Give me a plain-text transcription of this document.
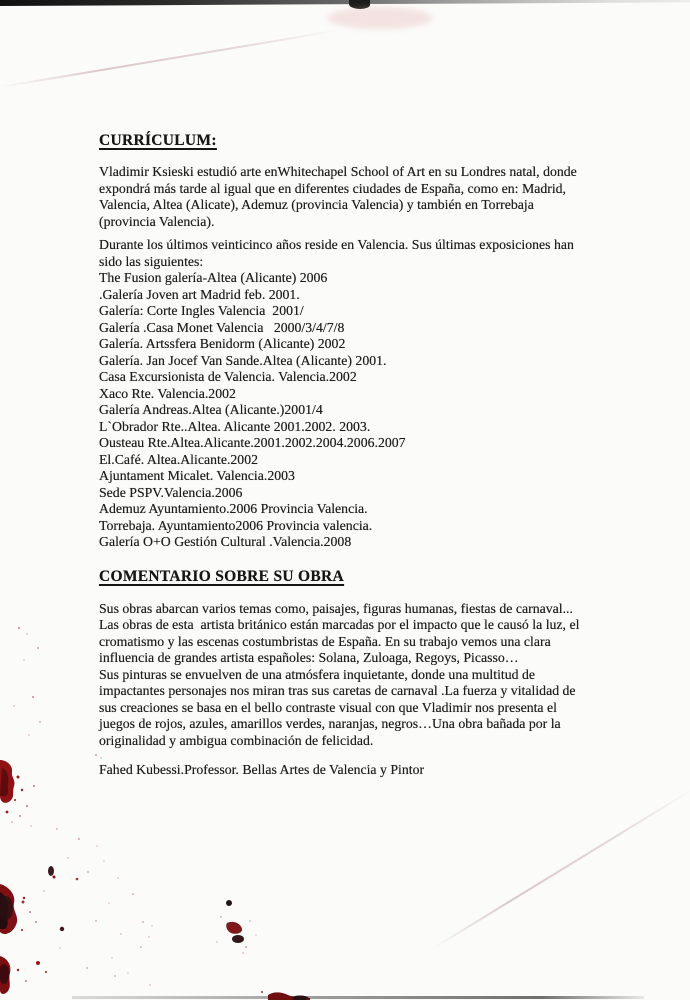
CURRÍCULUM:
Vladimir Ksieski estudió arte enWhitechapel School of Art en su Londres natal, donde
expondrá más tarde al igual que en diferentes ciudades de España, como en: Madrid,
Valencia, Altea (Alicate), Ademuz (provincia Valencia) y también en Torrebaja
(provincia Valencia).
Durante los últimos veinticinco años reside en Valencia. Sus últimas exposiciones han
sido las siguientes:
The Fusion galería-Altea (Alicante) 2006
.Galería Joven art Madrid feb. 2001.
Galería: Corte Ingles Valencia  2001/
Galería .Casa Monet Valencia   2000/3/4/7/8
Galería. Artssfera Benidorm (Alicante) 2002
Galería. Jan Jocef Van Sande.Altea (Alicante) 2001.
Casa Excursionista de Valencia. Valencia.2002
Xaco Rte. Valencia.2002
Galería Andreas.Altea (Alicante.)2001/4
L`Obrador Rte..Altea. Alicante 2001.2002. 2003.
Ousteau Rte.Altea.Alicante.2001.2002.2004.2006.2007
El.Café. Altea.Alicante.2002
Ajuntament Micalet. Valencia.2003
Sede PSPV.Valencia.2006
Ademuz Ayuntamiento.2006 Provincia Valencia.
Torrebaja. Ayuntamiento2006 Provincia valencia.
Galería O+O Gestión Cultural .Valencia.2008
COMENTARIO SOBRE SU OBRA
Sus obras abarcan varios temas como, paisajes, figuras humanas, fiestas de carnaval...
Las obras de esta  artista británico están marcadas por el impacto que le causó la luz, el
cromatismo y las escenas costumbristas de España. En su trabajo vemos una clara
influencia de grandes artista españoles: Solana, Zuloaga, Regoys, Picasso…
Sus pinturas se envuelven de una atmósfera inquietante, donde una multitud de
impactantes personajes nos miran tras sus caretas de carnaval .La fuerza y vitalidad de
sus creaciones se basa en el bello contraste visual con que Vladimir nos presenta el
juegos de rojos, azules, amarillos verdes, naranjas, negros…Una obra bañada por la
originalidad y ambigua combinación de felicidad.

Fahed Kubessi.Professor. Bellas Artes de Valencia y Pintor
